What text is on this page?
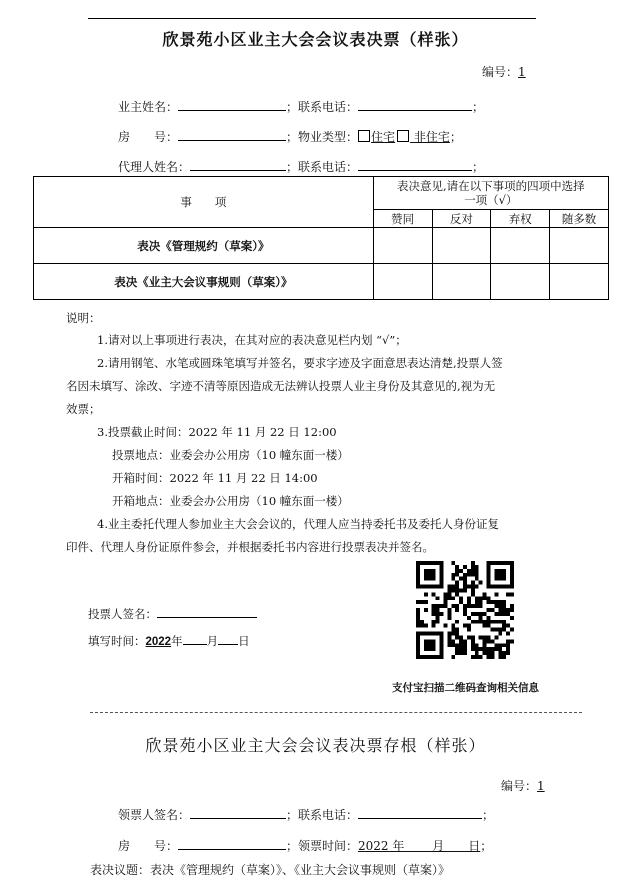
欣景苑小区业主大会会议表决票（样张）
编号：1
业主姓名：	；联系电话：	；
房　　号：	；物业类型： 住宅 非住宅；
代理人姓名：	；联系电话：	；
事　　项	表决意见,请在以下事项的四项中选择一项（√）			
	赞同	反对	弃权	随多数
表决《管理规约（草案）》				
表决《业主大会议事规则（草案）》				
说明：
1.请对以上事项进行表决，在其对应的表决意见栏内划 “√”；
2.请用钢笔、水笔或圆珠笔填写并签名，要求字迹及字面意思表达清楚,投票人签
名因未填写、涂改、字迹不清等原因造成无法辨认投票人业主身份及其意见的,视为无
效票；
3.投票截止时间：2022 年 11 月 22 日 12:00
投票地点：业委会办公用房（10 幢东面一楼）
开箱时间：2022 年 11 月 22 日 14:00
开箱地点：业委会办公用房（10 幢东面一楼）
4.业主委托代理人参加业主大会会议的，代理人应当持委托书及委托人身份证复
印件、代理人身份证原件参会，并根据委托书内容进行投票表决并签名。
投票人签名：
填写时间：2022年 月 日
支付宝扫描二维码查询相关信息
欣景苑小区业主大会会议表决票存根（样张）
编号：1
领票人签名：	；联系电话：	；
房　　号：	；领票时间：2022 年　　 月　　日；
表决议题：表决《管理规约（草案）》、《业主大会议事规则（草案）》
